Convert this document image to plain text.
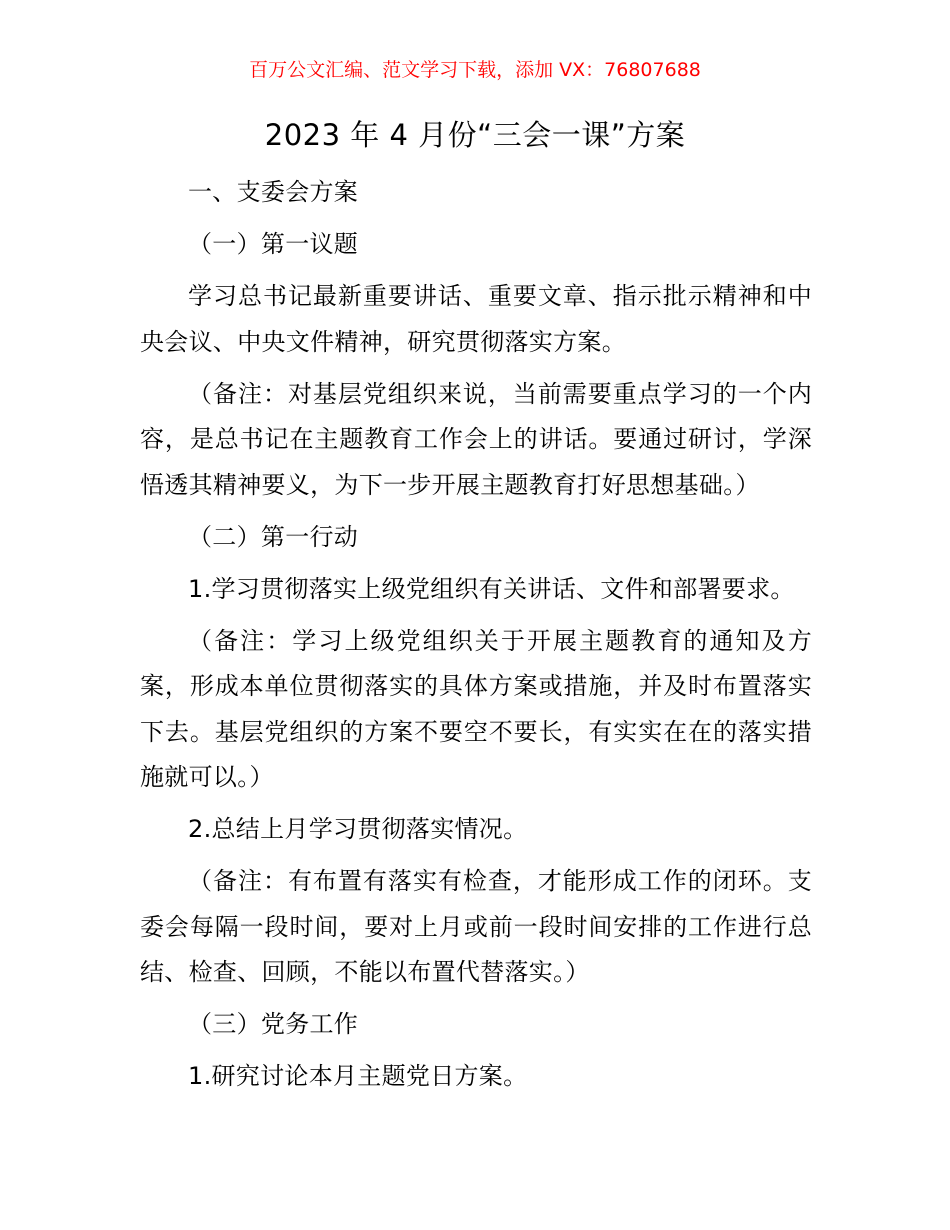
百万公文汇编、范文学习下载，添加 VX：76807688
2023 年 4 月份“三会一课”方案

一、支委会方案

（一）第一议题

学习总书记最新重要讲话、重要文章、指示批示精神和中央会议、中央文件精神，研究贯彻落实方案。

（备注：对基层党组织来说，当前需要重点学习的一个内容，是总书记在主题教育工作会上的讲话。要通过研讨，学深悟透其精神要义，为下一步开展主题教育打好思想基础。）

（二）第一行动

1.学习贯彻落实上级党组织有关讲话、文件和部署要求。

（备注：学习上级党组织关于开展主题教育的通知及方案，形成本单位贯彻落实的具体方案或措施，并及时布置落实下去。基层党组织的方案不要空不要长，有实实在在的落实措施就可以。）

2.总结上月学习贯彻落实情况。

（备注：有布置有落实有检查，才能形成工作的闭环。支委会每隔一段时间，要对上月或前一段时间安排的工作进行总结、检查、回顾，不能以布置代替落实。）

（三）党务工作

1.研究讨论本月主题党日方案。
